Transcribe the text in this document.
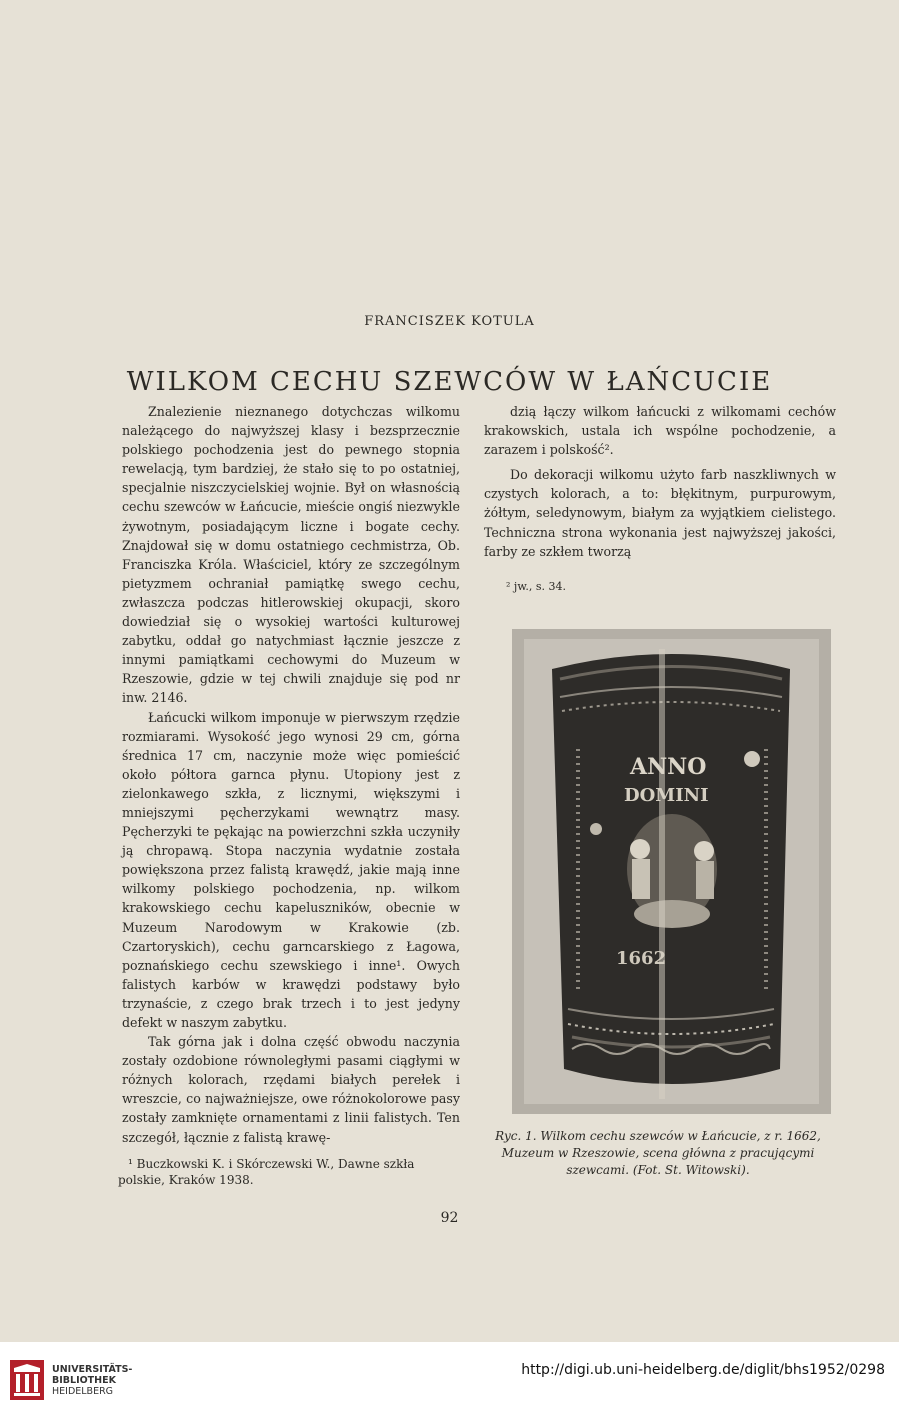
FRANCISZEK KOTULA
WILKOM CECHU SZEWCÓW W ŁAŃCUCIE

Znalezienie nieznanego dotychczas wilkomu należącego do najwyższej klasy i bezsprzecznie polskiego pochodzenia jest do pewnego stopnia rewelacją, tym bardziej, że stało się to po ostatniej, specjalnie niszczycielskiej wojnie. Był on własnością cechu szewców w Łańcucie, mieście ongiś niezwykle żywotnym, posiadającym liczne i bogate cechy. Znajdował się w domu ostatniego cechmistrza, Ob. Franciszka Króla. Właściciel, który ze szczególnym pietyzmem ochraniał pamiątkę swego cechu, zwłaszcza podczas hitlerowskiej okupacji, skoro dowiedział się o wysokiej wartości kulturowej zabytku, oddał go natychmiast łącznie jeszcze z innymi pamiątkami cechowymi do Muzeum w Rzeszowie, gdzie w tej chwili znajduje się pod nr inw. 2146.

Łańcucki wilkom imponuje w pierwszym rzędzie rozmiarami. Wysokość jego wynosi 29 cm, górna średnica 17 cm, naczynie może więc pomieścić około półtora garnca płynu. Utopiony jest z zielonkawego szkła, z licznymi, większymi i mniejszymi pęcherzykami wewnątrz masy. Pęcherzyki te pękając na powierzchni szkła uczyniły ją chropawą. Stopa naczynia wydatnie została powiększona przez falistą krawędź, jakie mają inne wilkomy polskiego pochodzenia, np. wilkom krakowskiego cechu kapeluszników, obecnie w Muzeum Narodowym w Krakowie (zb. Czartoryskich), cechu garncarskiego z Łagowa, poznańskiego cechu szewskiego i inne¹. Owych falistych karbów w krawędzi podstawy było trzynaście, z czego brak trzech i to jest jedyny defekt w naszym zabytku.

Tak górna jak i dolna część obwodu naczynia zostały ozdobione równoległymi pasami ciągłymi w różnych kolorach, rzędami białych perełek i wreszcie, co najważniejsze, owe różnokolorowe pasy zostały zamknięte ornamentami z linii falistych. Ten szczegół, łącznie z falistą krawę-

¹ Buczkowski K. i Skórczewski W., Dawne szkła polskie, Kraków 1938.

dzią łączy wilkom łańcucki z wilkomami cechów krakowskich, ustala ich wspólne pochodzenie, a zarazem i polskość².

Do dekoracji wilkomu użyto farb naszkliwnych w czystych kolorach, a to: błękitnym, purpurowym, żółtym, seledynowym, białym za wyjątkiem cielistego. Techniczna strona wykonania jest najwyższej jakości, farby ze szkłem tworzą

² jw., s. 34.
ANNO
DOMINI
1662
Ryc. 1. Wilkom cechu szewców w Łańcucie, z r. 1662, Muzeum w Rzeszowie, scena główna z pracującymi szewcami. (Fot. St. Witowski).
92
UNIVERSITÄTS-
BIBLIOTHEK
HEIDELBERG
http://digi.ub.uni-heidelberg.de/diglit/bhs1952/0298
